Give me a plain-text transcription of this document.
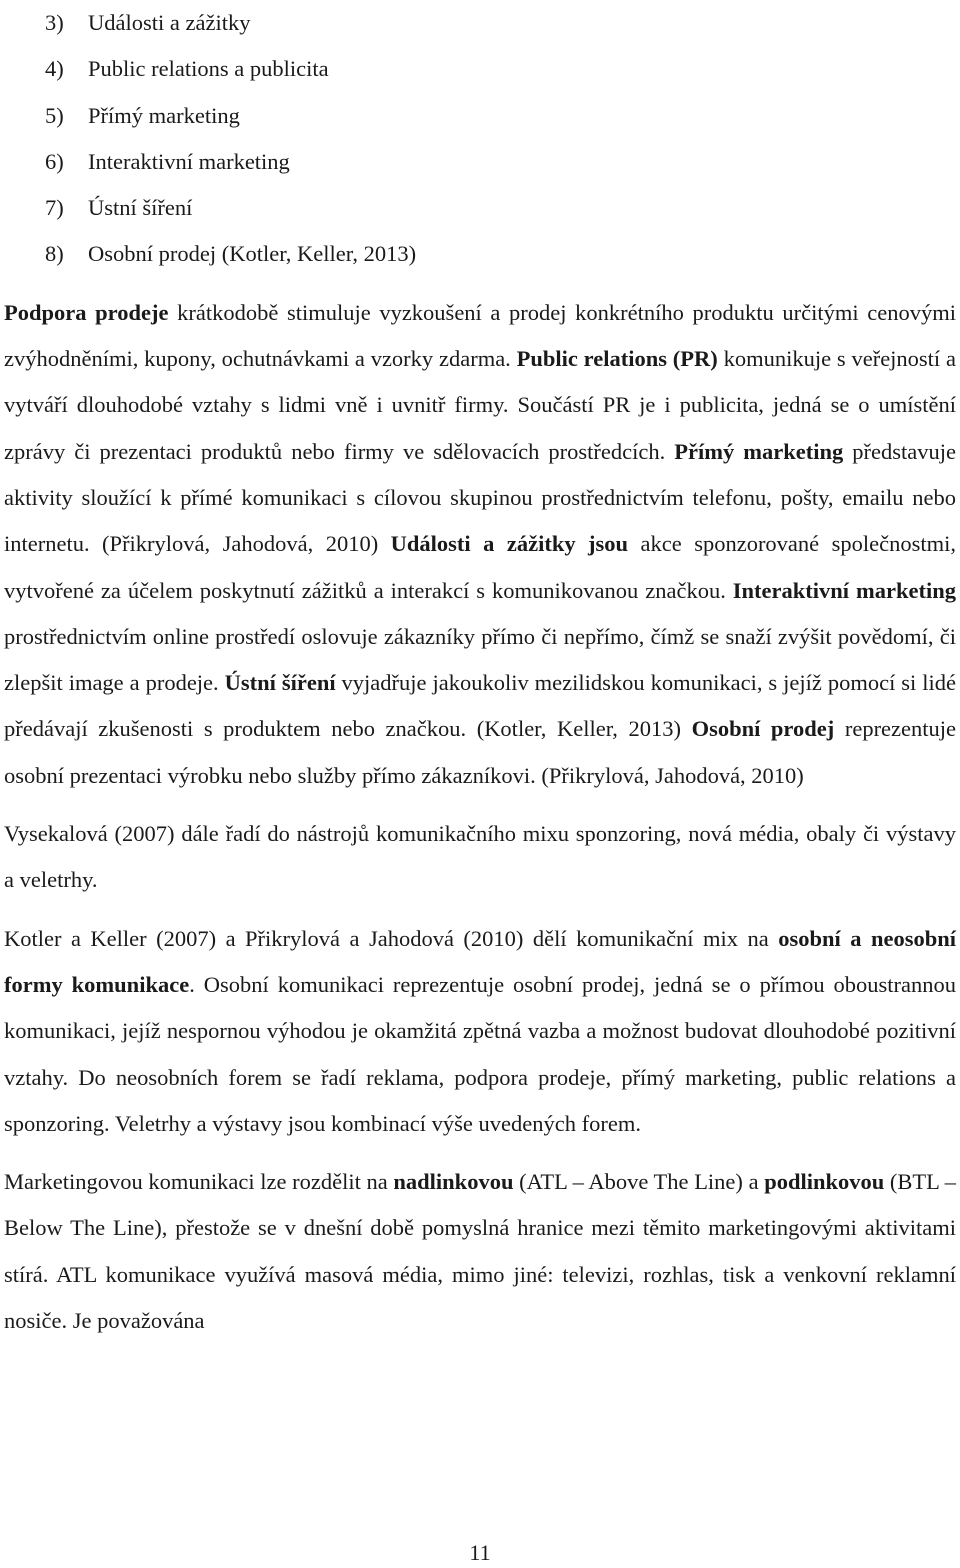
3) Události a zážitky
4) Public relations a publicita
5) Přímý marketing
6) Interaktivní marketing
7) Ústní šíření
8) Osobní prodej (Kotler, Keller, 2013)

Podpora prodeje krátkodobě stimuluje vyzkoušení a prodej konkrétního produktu určitými cenovými zvýhodněními, kupony, ochutnávkami a vzorky zdarma. Public relations (PR) komunikuje s veřejností a vytváří dlouhodobé vztahy s lidmi vně i uvnitř firmy. Součástí PR je i publicita, jedná se o umístění zprávy či prezentaci produktů nebo firmy ve sdělovacích prostředcích. Přímý marketing představuje aktivity sloužící k přímé komunikaci s cílovou skupinou prostřednictvím telefonu, pošty, emailu nebo internetu. (Přikrylová, Jahodová, 2010) Události a zážitky jsou akce sponzorované společnostmi, vytvořené za účelem poskytnutí zážitků a interakcí s komunikovanou značkou. Interaktivní marketing prostřednictvím online prostředí oslovuje zákazníky přímo či nepřímo, čímž se snaží zvýšit povědomí, či zlepšit image a prodeje. Ústní šíření vyjadřuje jakoukoliv mezilidskou komunikaci, s jejíž pomocí si lidé předávají zkušenosti s produktem nebo značkou. (Kotler, Keller, 2013) Osobní prodej reprezentuje osobní prezentaci výrobku nebo služby přímo zákazníkovi. (Přikrylová, Jahodová, 2010)

Vysekalová (2007) dále řadí do nástrojů komunikačního mixu sponzoring, nová média, obaly či výstavy a veletrhy.

Kotler a Keller (2007) a Přikrylová a Jahodová (2010) dělí komunikační mix na osobní a neosobní formy komunikace. Osobní komunikaci reprezentuje osobní prodej, jedná se o přímou oboustrannou komunikaci, jejíž nespornou výhodou je okamžitá zpětná vazba a možnost budovat dlouhodobé pozitivní vztahy. Do neosobních forem se řadí reklama, podpora prodeje, přímý marketing, public relations a sponzoring. Veletrhy a výstavy jsou kombinací výše uvedených forem.

Marketingovou komunikaci lze rozdělit na nadlinkovou (ATL – Above The Line) a podlinkovou (BTL – Below The Line), přestože se v dnešní době pomyslná hranice mezi těmito marketingovými aktivitami stírá. ATL komunikace využívá masová média, mimo jiné: televizi, rozhlas, tisk a venkovní reklamní nosiče. Je považována

11
